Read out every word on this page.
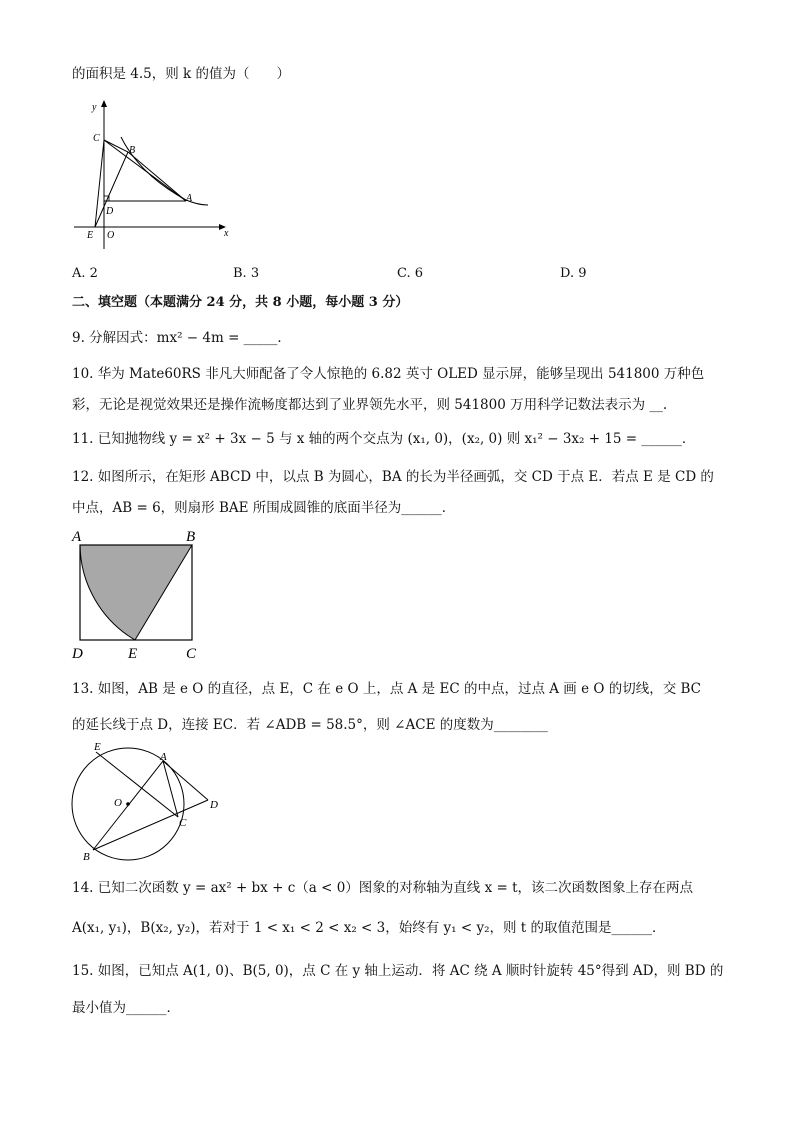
的面积是 4.5，则 k 的值为（　　）
y
x
C
B
A
D
E O
A. 2	B. 3	C. 6	D. 9
二、填空题（本题满分 24 分，共 8 小题，每小题 3 分）
9. 分解因式：mx² − 4m = _____．
10. 华为 Mate60RS 非凡大师配备了令人惊艳的 6.82 英寸 OLED 显示屏，能够呈现出 541800 万种色
彩，无论是视觉效果还是操作流畅度都达到了业界领先水平，则 541800 万用科学记数法表示为 __.
11. 已知抛物线 y = x² + 3x − 5 与 x 轴的两个交点为 (x₁, 0)，(x₂, 0) 则 x₁² − 3x₂ + 15 = ______．
12. 如图所示，在矩形 ABCD 中，以点 B 为圆心，BA 的长为半径画弧，交 CD 于点 E．若点 E 是 CD 的
中点，AB = 6，则扇形 BAE 所围成圆锥的底面半径为______．
A	B
D	E	C
13. 如图，AB 是 e O 的直径，点 E，C 在 e O 上，点 A 是 EC 的中点，过点 A 画 e O 的切线，交 BC
的延长线于点 D，连接 EC．若 ∠ADB = 58.5°，则 ∠ACE 的度数为________
E
A
O	D
C
B
14. 已知二次函数 y = ax² + bx + c（a < 0）图象的对称轴为直线 x = t，该二次函数图象上存在两点
A(x₁, y₁)，B(x₂, y₂)，若对于 1 < x₁ < 2 < x₂ < 3，始终有 y₁ < y₂，则 t 的取值范围是______．
15. 如图，已知点 A(1, 0)、B(5, 0)，点 C 在 y 轴上运动．将 AC 绕 A 顺时针旋转 45°得到 AD，则 BD 的
最小值为______．
